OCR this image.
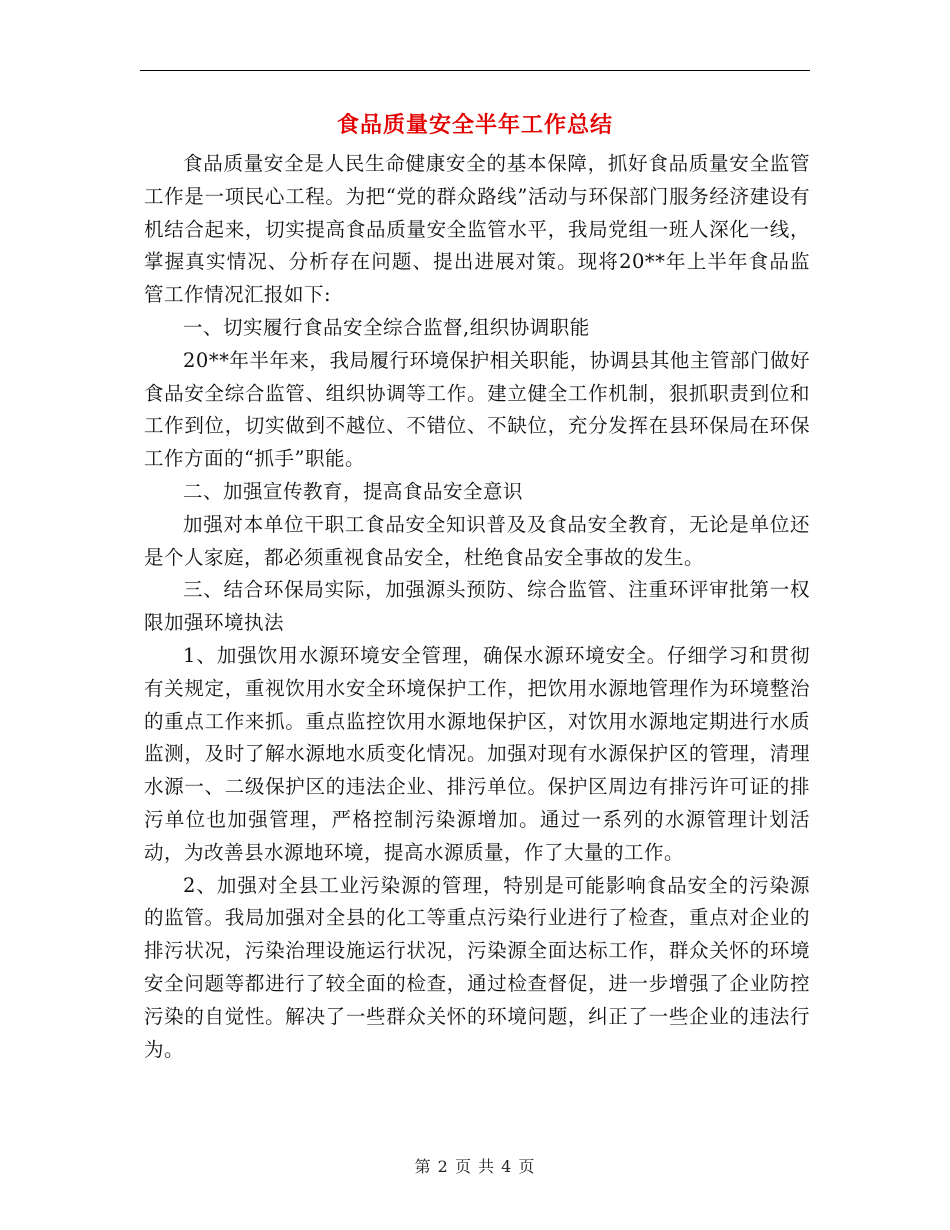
食品质量安全半年工作总结

食品质量安全是人民生命健康安全的基本保障，抓好食品质量安全监管工作是一项民心工程。为把“党的群众路线”活动与环保部门服务经济建设有机结合起来，切实提高食品质量安全监管水平，我局党组一班人深化一线，掌握真实情况、分析存在问题、提出进展对策。现将20**年上半年食品监管工作情况汇报如下:

一、切实履行食品安全综合监督,组织协调职能

20**年半年来，我局履行环境保护相关职能，协调县其他主管部门做好食品安全综合监管、组织协调等工作。建立健全工作机制，狠抓职责到位和工作到位，切实做到不越位、不错位、不缺位，充分发挥在县环保局在环保工作方面的“抓手”职能。

二、加强宣传教育，提高食品安全意识

加强对本单位干职工食品安全知识普及及食品安全教育，无论是单位还是个人家庭，都必须重视食品安全，杜绝食品安全事故的发生。

三、结合环保局实际，加强源头预防、综合监管、注重环评审批第一权限加强环境执法

1、加强饮用水源环境安全管理，确保水源环境安全。仔细学习和贯彻有关规定，重视饮用水安全环境保护工作，把饮用水源地管理作为环境整治的重点工作来抓。重点监控饮用水源地保护区，对饮用水源地定期进行水质监测，及时了解水源地水质变化情况。加强对现有水源保护区的管理，清理水源一、二级保护区的违法企业、排污单位。保护区周边有排污许可证的排污单位也加强管理，严格控制污染源增加。通过一系列的水源管理计划活动，为改善县水源地环境，提高水源质量，作了大量的工作。

2、加强对全县工业污染源的管理，特别是可能影响食品安全的污染源的监管。我局加强对全县的化工等重点污染行业进行了检查，重点对企业的排污状况，污染治理设施运行状况，污染源全面达标工作，群众关怀的环境安全问题等都进行了较全面的检查，通过检查督促，进一步增强了企业防控污染的自觉性。解决了一些群众关怀的环境问题，纠正了一些企业的违法行为。

第 2 页 共 4 页
